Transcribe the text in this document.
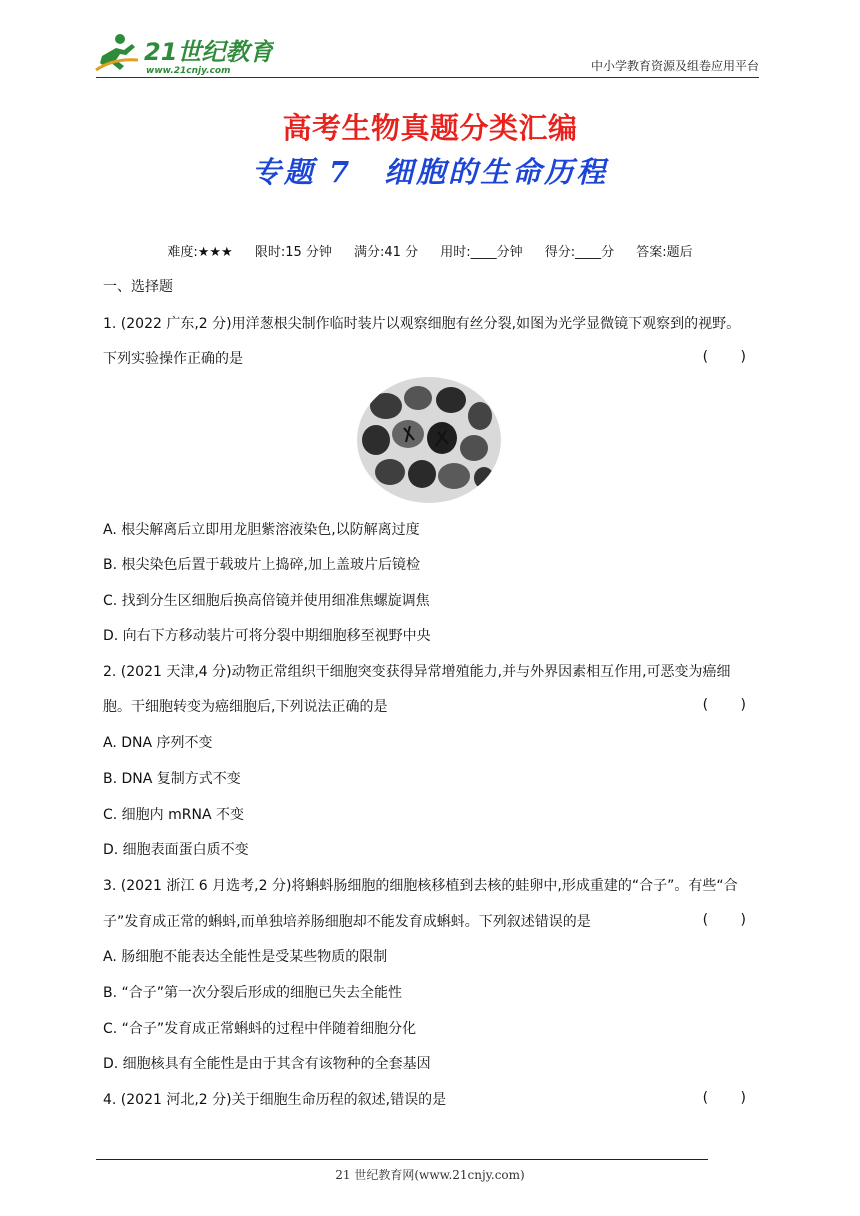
21世纪教育
www.21cnjy.com	中小学教育资源及组卷应用平台
高考生物真题分类汇编
专题 7　细胞的生命历程
难度:★★★ 限时:15 分钟 满分:41 分 用时:____分钟 得分:____分 答案:题后
一、选择题
1. (2022 广东,2 分)用洋葱根尖制作临时装片以观察细胞有丝分裂,如图为光学显微镜下观察到的视野。
下列实验操作正确的是	( )
A. 根尖解离后立即用龙胆紫溶液染色,以防解离过度
B. 根尖染色后置于载玻片上捣碎,加上盖玻片后镜检
C. 找到分生区细胞后换高倍镜并使用细准焦螺旋调焦
D. 向右下方移动装片可将分裂中期细胞移至视野中央
2. (2021 天津,4 分)动物正常组织干细胞突变获得异常增殖能力,并与外界因素相互作用,可恶变为癌细
胞。干细胞转变为癌细胞后,下列说法正确的是	( )
A. DNA 序列不变
B. DNA 复制方式不变
C. 细胞内 mRNA 不变
D. 细胞表面蛋白质不变
3. (2021 浙江 6 月选考,2 分)将蝌蚪肠细胞的细胞核移植到去核的蛙卵中,形成重建的“合子”。有些“合
子”发育成正常的蝌蚪,而单独培养肠细胞却不能发育成蝌蚪。下列叙述错误的是	( )
A. 肠细胞不能表达全能性是受某些物质的限制
B. “合子”第一次分裂后形成的细胞已失去全能性
C. “合子”发育成正常蝌蚪的过程中伴随着细胞分化
D. 细胞核具有全能性是由于其含有该物种的全套基因
4. (2021 河北,2 分)关于细胞生命历程的叙述,错误的是	( )
21 世纪教育网(www.21cnjy.com)
